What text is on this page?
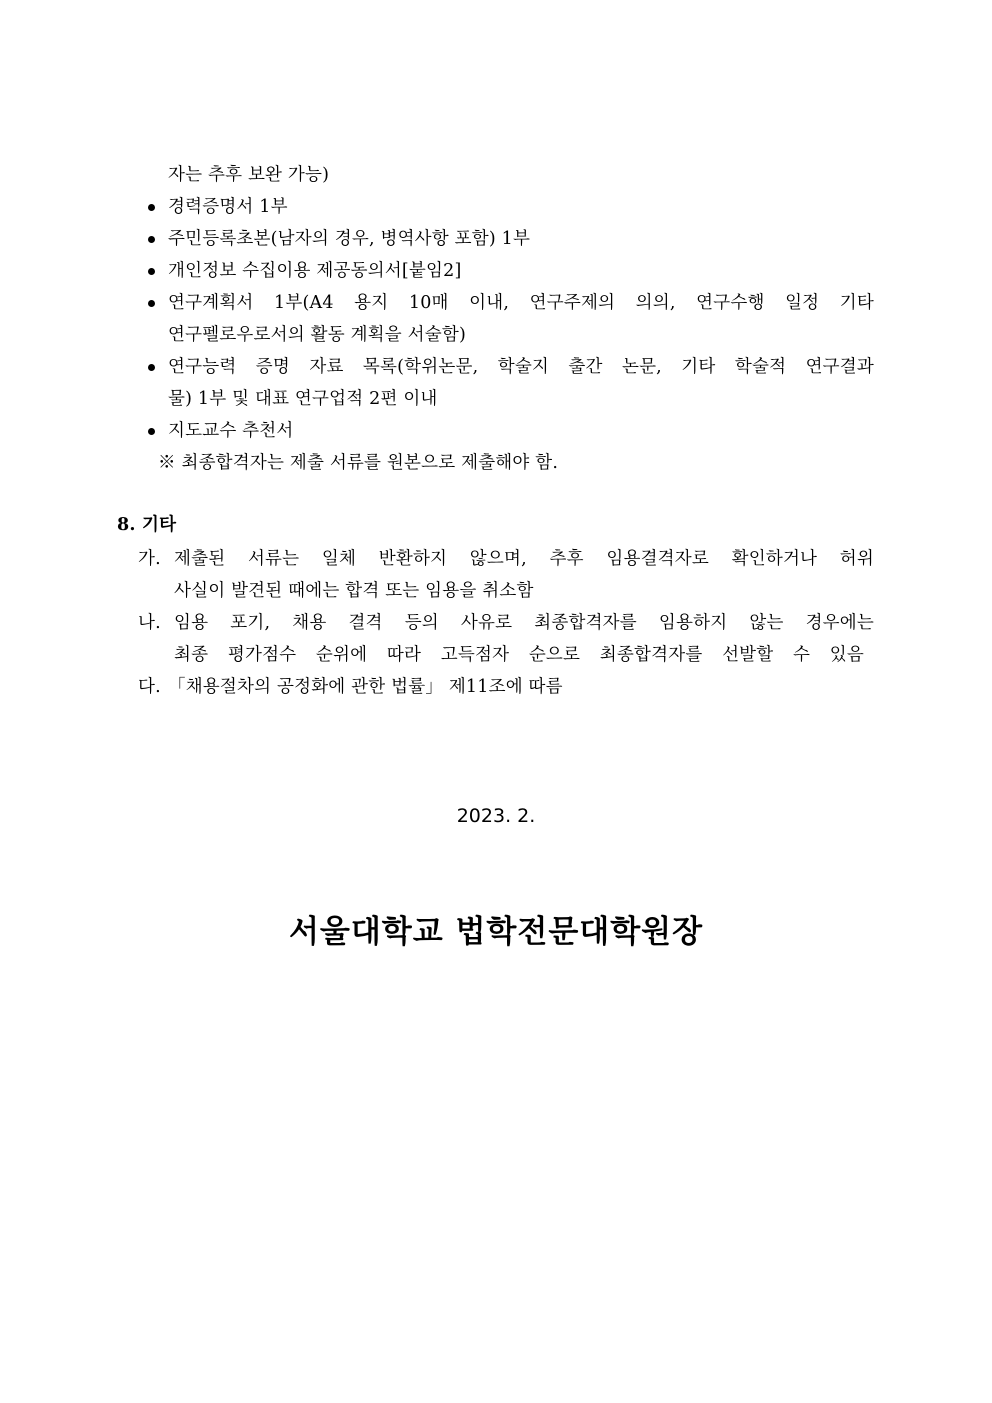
자는 추후 보완 가능)
경력증명서 1부
주민등록초본(남자의 경우, 병역사항 포함) 1부
개인정보 수집이용 제공동의서[붙임2]
연구계획서 1부(A4 용지 10매 이내, 연구주제의 의의, 연구수행 일정 기타
연구펠로우로서의 활동 계획을 서술함)
연구능력 증명 자료 목록(학위논문, 학술지 출간 논문, 기타 학술적 연구결과
물) 1부 및 대표 연구업적 2편 이내
지도교수 추천서
※ 최종합격자는 제출 서류를 원본으로 제출해야 함.
8. 기타
가. 제출된 서류는 일체 반환하지 않으며, 추후 임용결격자로 확인하거나 허위
사실이 발견된 때에는 합격 또는 임용을 취소함
나. 임용 포기, 채용 결격 등의 사유로 최종합격자를 임용하지 않는 경우에는
최종 평가점수 순위에 따라 고득점자 순으로 최종합격자를 선발할 수 있음
다. 「채용절차의 공정화에 관한 법률」 제11조에 따름
2023. 2.
서울대학교 법학전문대학원장
